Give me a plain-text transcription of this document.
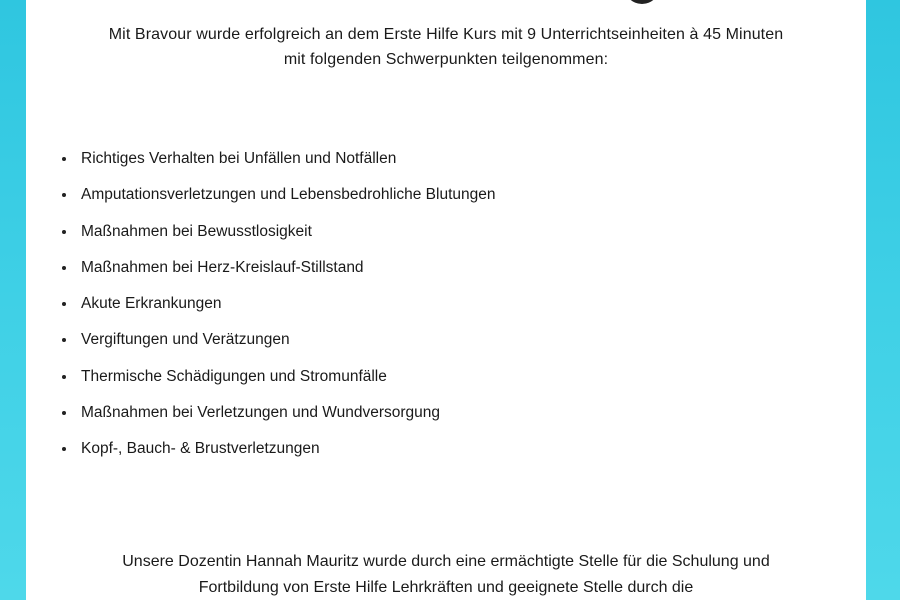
Mit Bravour wurde erfolgreich an dem Erste Hilfe Kurs mit 9 Unterrichtseinheiten à 45 Minuten
mit folgenden Schwerpunkten teilgenommen:
Richtiges Verhalten bei Unfällen und Notfällen
Amputationsverletzungen und Lebensbedrohliche Blutungen
Maßnahmen bei Bewusstlosigkeit
Maßnahmen bei Herz-Kreislauf-Stillstand
Akute Erkrankungen
Vergiftungen und Verätzungen
Thermische Schädigungen und Stromunfälle
Maßnahmen bei Verletzungen und Wundversorgung
Kopf-, Bauch- & Brustverletzungen
Unsere Dozentin Hannah Mauritz wurde durch eine ermächtigte Stelle für die Schulung und
Fortbildung von Erste Hilfe Lehrkräften und geeignete Stelle durch die
